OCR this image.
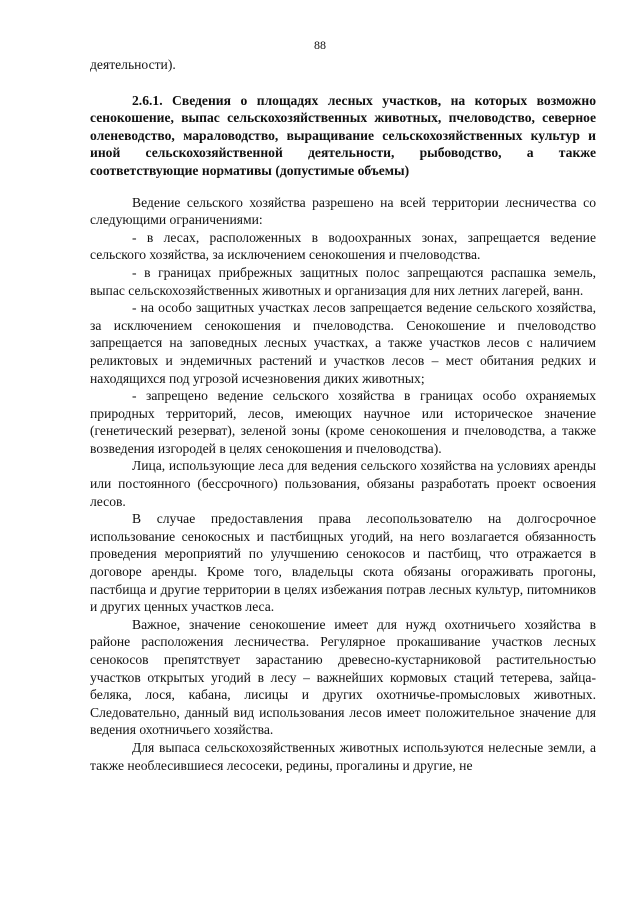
88

деятельности).

2.6.1. Сведения о площадях лесных участков, на которых возможно сенокошение, выпас сельскохозяйственных животных, пчеловодство, северное оленеводство, мараловодство, выращивание сельскохозяйственных культур и иной сельскохозяйственной деятельности, рыбоводство, а также соответствующие нормативы (допустимые объемы)

Ведение сельского хозяйства разрешено на всей территории лесничества со следующими ограничениями:

- в лесах, расположенных в водоохранных зонах, запрещается ведение сельского хозяйства, за исключением сенокошения и пчеловодства.

- в границах прибрежных защитных полос запрещаются распашка земель, выпас сельскохозяйственных животных и организация для них летних лагерей, ванн.

- на особо защитных участках лесов запрещается ведение сельского хозяйства, за исключением сенокошения и пчеловодства. Сенокошение и пчеловодство запрещается на заповедных лесных участках, а также участков лесов с наличием реликтовых и эндемичных растений и участков лесов – мест обитания редких и находящихся под угрозой исчезновения диких животных;

- запрещено ведение сельского хозяйства в границах особо охраняемых природных территорий, лесов, имеющих научное или историческое значение (генетический резерват), зеленой зоны (кроме сенокошения и пчеловодства, а также возведения изгородей в целях сенокошения и пчеловодства).

Лица, использующие леса для ведения сельского хозяйства на условиях аренды или постоянного (бессрочного) пользования, обязаны разработать проект освоения лесов.

В случае предоставления права лесопользователю на долгосрочное использование сенокосных и пастбищных угодий, на него возлагается обязанность проведения мероприятий по улучшению сенокосов и пастбищ, что отражается в договоре аренды. Кроме того, владельцы скота обязаны огораживать прогоны, пастбища и другие территории в целях избежания потрав лесных культур, питомников и других ценных участков леса.

Важное, значение сенокошение имеет для нужд охотничьего хозяйства в районе расположения лесничества. Регулярное прокашивание участков лесных сенокосов препятствует зарастанию древесно-кустарниковой растительностью участков открытых угодий в лесу – важнейших кормовых стаций тетерева, зайца-беляка, лося, кабана, лисицы и других охотничье-промысловых животных. Следовательно, данный вид использования лесов имеет положительное значение для ведения охотничьего хозяйства.

Для выпаса сельскохозяйственных животных используются нелесные земли, а также необлесившиеся лесосеки, редины, прогалины и другие, не
